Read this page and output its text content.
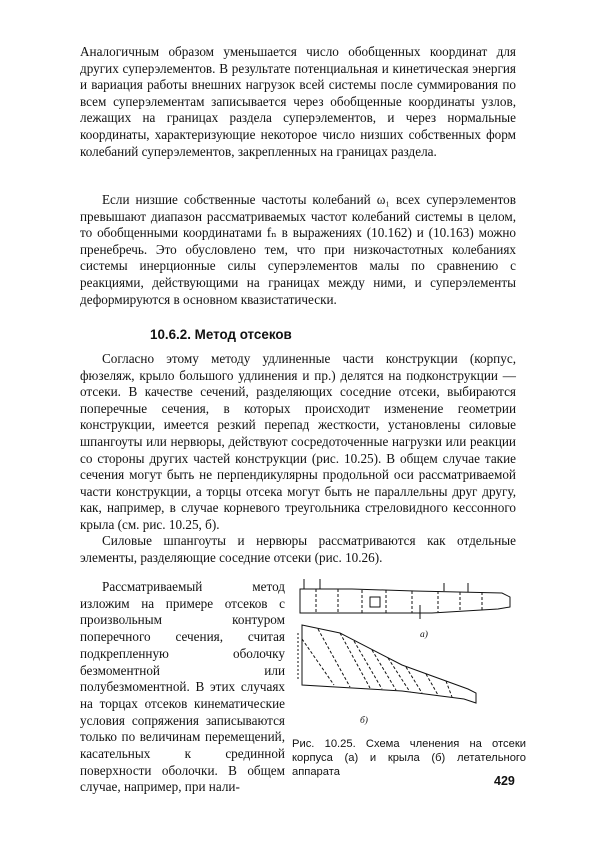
Аналогичным образом уменьшается число обобщенных координат для других суперэлементов. В результате потенциальная и кинетическая энергия и вариация работы внешних нагрузок всей системы после суммирования по всем суперэлементам записывается через обобщенные координаты узлов, лежащих на границах раздела суперэлементов, и через нормальные координаты, характеризующие некоторое число низших собственных форм колебаний суперэлементов, закрепленных на границах раздела.

Если низшие собственные частоты колебаний ω₁ всех суперэлементов превышают диапазон рассматриваемых частот колебаний системы в целом, то обобщенными координатами fₙ в выражениях (10.162) и (10.163) можно пренебречь. Это обусловлено тем, что при низкочастотных колебаниях системы инерционные силы суперэлементов малы по сравнению с реакциями, действующими на границах между ними, и суперэлементы деформируются в основном квазистатически.

10.6.2. Метод отсеков

Согласно этому методу удлиненные части конструкции (корпус, фюзеляж, крыло большого удлинения и пр.) делятся на подконструкции — отсеки. В качестве сечений, разделяющих соседние отсеки, выбираются поперечные сечения, в которых происходит изменение геометрии конструкции, имеется резкий перепад жесткости, установлены силовые шпангоуты или нервюры, действуют сосредоточенные нагрузки или реакции со стороны других частей конструкции (рис. 10.25). В общем случае такие сечения могут быть не перпендикулярны продольной оси рассматриваемой части конструкции, а торцы отсека могут быть не параллельны друг другу, как, например, в случае корневого треугольника стреловидного кессонного крыла (см. рис. 10.25, б).

Силовые шпангоуты и нервюры рассматриваются как отдельные элементы, разделяющие соседние отсеки (рис. 10.26).

Рассматриваемый метод изложим на примере отсеков с произвольным контуром поперечного сечения, считая подкрепленную оболочку безмоментной или полубезмоментной. В этих случаях на торцах отсеков кинематические условия сопряжения записываются только по величинам перемещений, касательных к срединной поверхности оболочки. В общем случае, например, при нали-

а)
б)

Рис. 10.25. Схема членения на отсеки корпуса (а) и крыла (б) летательного аппарата

429
